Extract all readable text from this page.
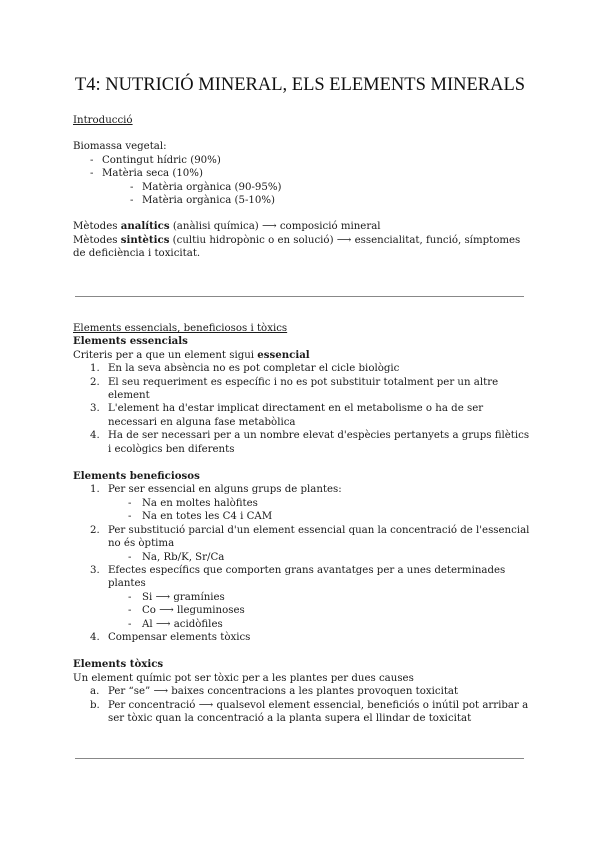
T4: NUTRICIÓ MINERAL, ELS ELEMENTS MINERALS
Introducció
Biomassa vegetal:
- Contingut hídric (90%)
- Matèria seca (10%)
- Matèria orgànica (90-95%)
- Matèria orgànica (5-10%)
Mètodes analítics (anàlisi química) ⟶ composició mineral
Mètodes sintètics (cultiu hidropònic o en solució) ⟶ essencialitat, funció, símptomes de deficiència i toxicitat.
Elements essencials, beneficiosos i tòxics
Elements essencials
Criteris per a que un element sigui essencial
1. En la seva absència no es pot completar el cicle biològic
2. El seu requeriment es específic i no es pot substituir totalment per un altre element
3. L'element ha d'estar implicat directament en el metabolisme o ha de ser necessari en alguna fase metabòlica
4. Ha de ser necessari per a un nombre elevat d'espècies pertanyets a grups filètics i ecològics ben diferents
Elements beneficiosos
1. Per ser essencial en alguns grups de plantes:
-	Na en moltes halòfites
-	Na en totes les C4 i CAM
2. Per substitució parcial d'un element essencial quan la concentració de l'essencial no és òptima
-	Na, Rb/K, Sr/Ca
3. Efectes específics que comporten grans avantatges per a unes determinades plantes
-	Si ⟶ gramínies
-	Co ⟶ lleguminoses
-	Al ⟶ acidòfiles
4. Compensar elements tòxics
Elements tòxics
Un element químic pot ser tòxic per a les plantes per dues causes
a. Per “se” ⟶ baixes concentracions a les plantes provoquen toxicitat
b. Per concentració ⟶ qualsevol element essencial, beneficiós o inútil pot arribar a ser tòxic quan la concentració a la planta supera el llindar de toxicitat
